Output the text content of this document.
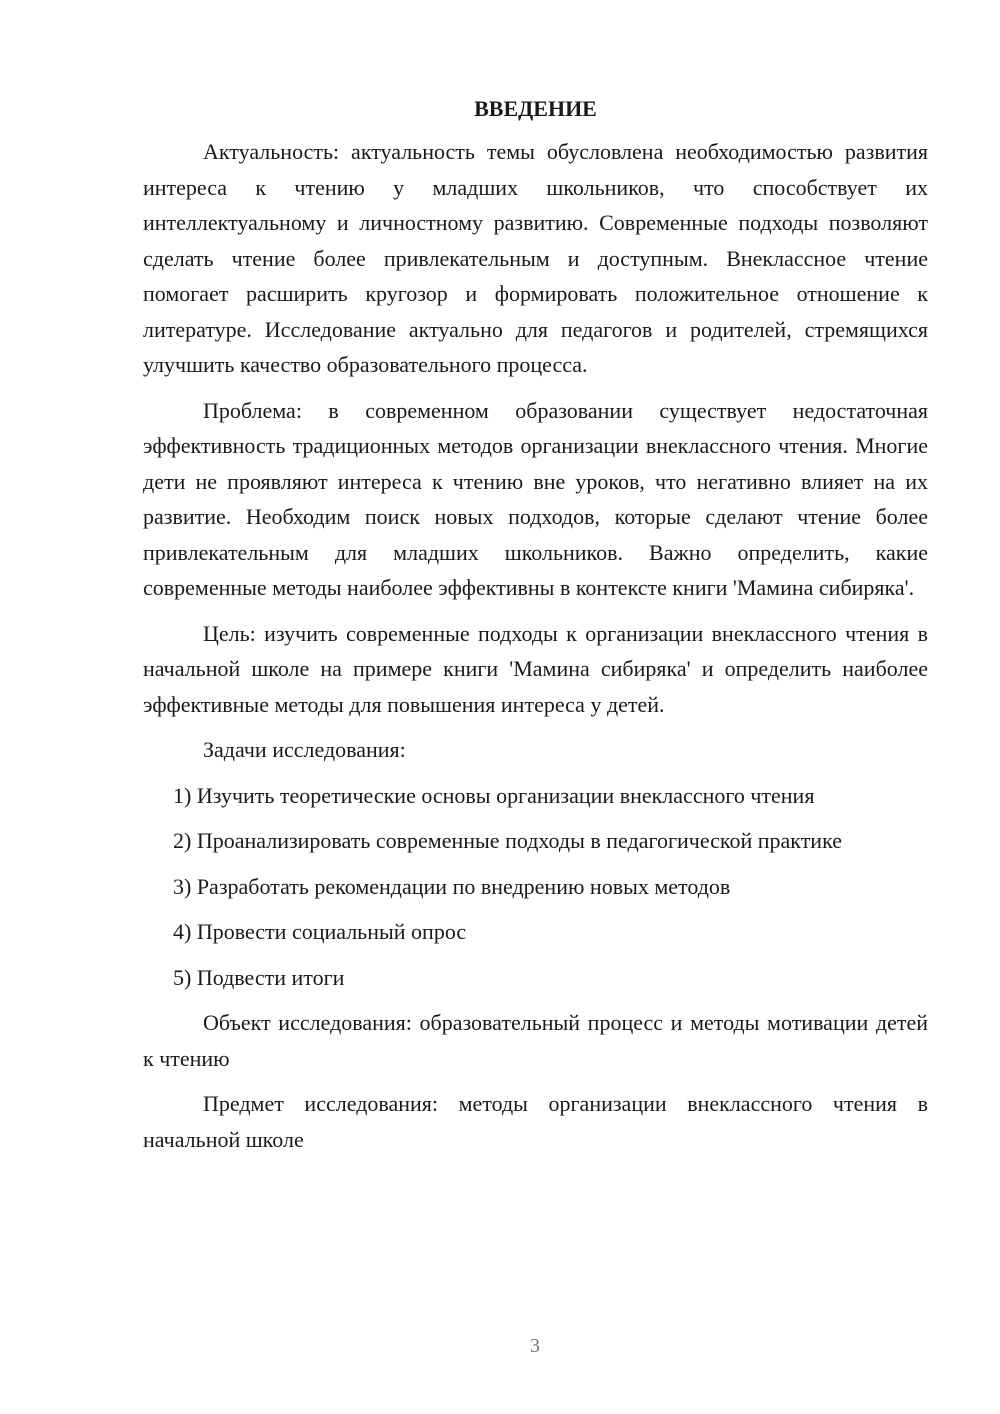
ВВЕДЕНИЕ

Актуальность: актуальность темы обусловлена необходимостью развития интереса к чтению у младших школьников, что способствует их интеллектуальному и личностному развитию. Современные подходы позволяют сделать чтение более привлекательным и доступным. Внеклассное чтение помогает расширить кругозор и формировать положительное отношение к литературе. Исследование актуально для педагогов и родителей, стремящихся улучшить качество образовательного процесса.

Проблема: в современном образовании существует недостаточная эффективность традиционных методов организации внеклассного чтения. Многие дети не проявляют интереса к чтению вне уроков, что негативно влияет на их развитие. Необходим поиск новых подходов, которые сделают чтение более привлекательным для младших школьников. Важно определить, какие современные методы наиболее эффективны в контексте книги 'Мамина сибиряка'.

Цель: изучить современные подходы к организации внеклассного чтения в начальной школе на примере книги 'Мамина сибиряка' и определить наиболее эффективные методы для повышения интереса у детей.

Задачи исследования:

1) Изучить теоретические основы организации внеклассного чтения

2) Проанализировать современные подходы в педагогической практике

3) Разработать рекомендации по внедрению новых методов

4) Провести социальный опрос

5) Подвести итоги

Объект исследования: образовательный процесс и методы мотивации детей к чтению

Предмет исследования: методы организации внеклассного чтения в начальной школе

3
